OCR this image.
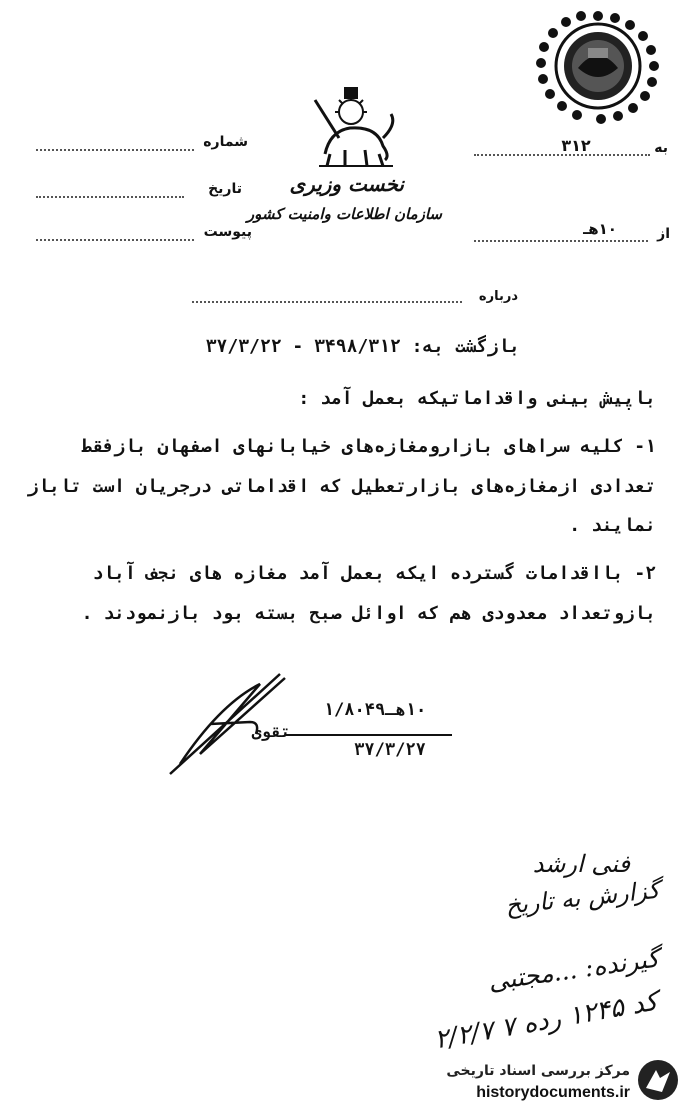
نخست وزیری
سازمان اطلاعات وامنیت کشور
شماره
تاریخ
پیوست
۳۱۲	به
۱۰هـ	از
درباره
بازگشت به: ۳۴۹۸/۳۱۲ - ۳۷/۳/۲۲
باپیش بینی واقداماتیکه بعمل آمد :
۱- کلیه سراهای بازارومغازه‌های خیابانهای اصفهان بازفقط
تعدادی ازمغازه‌های بازارتعطیل که اقداماتی درجریان است تاباز
نمایند .
۲- بااقدامات گسترده ایکه بعمل آمد مغازه های نجف آباد
بازوتعداد معدودی هم که اوائل صبح بسته بود بازنمودند .
۱۰هـ۱/۸۰۴۹
تقوی
۳۷/۳/۲۷
فنی ارشد
گزارش به تاریخ
گیرنده: ...مجتبی
کد ۱۲۴۵ رده ۷ ۲/۲/۷
مرکز بررسی اسناد تاریخی
historydocuments.ir
